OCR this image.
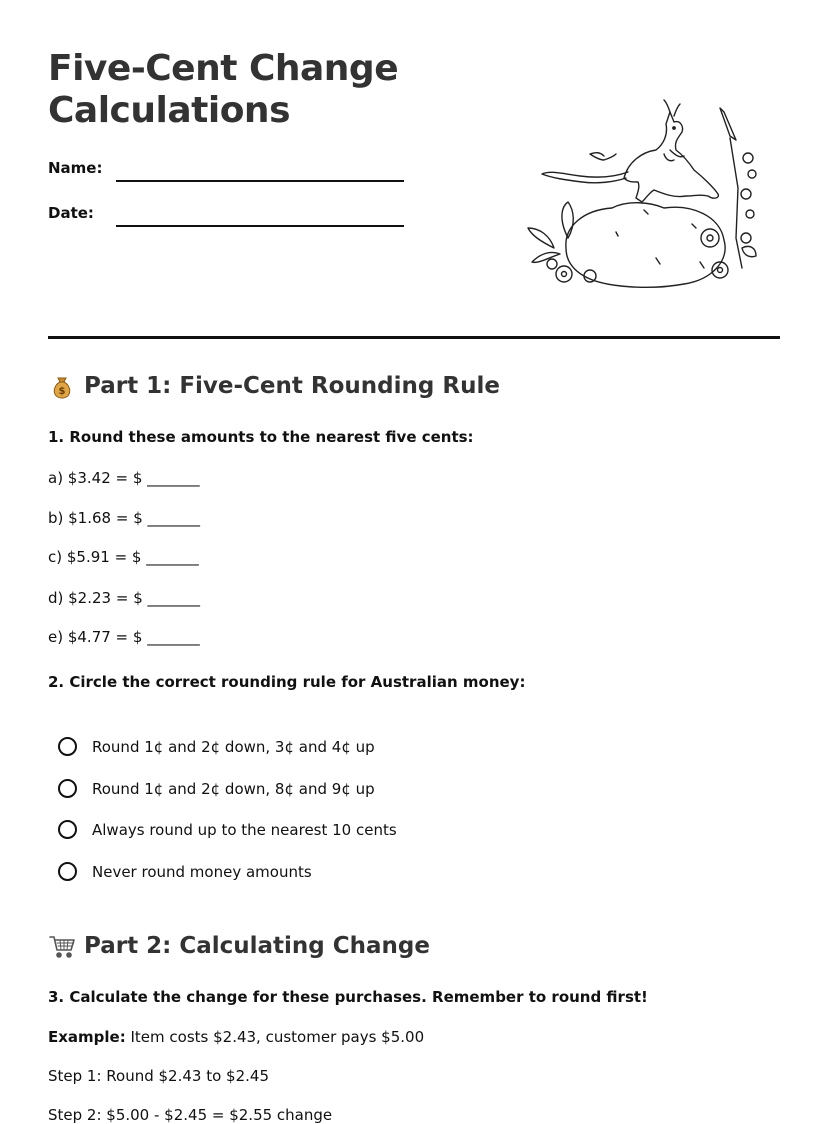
Five-Cent Change Calculations
Name:
Date:
$ Part 1: Five-Cent Rounding Rule
1. Round these amounts to the nearest five cents:
a) $3.42 = $ _______
b) $1.68 = $ _______
c) $5.91 = $ _______
d) $2.23 = $ _______
e) $4.77 = $ _______
2. Circle the correct rounding rule for Australian money:
Round 1¢ and 2¢ down, 3¢ and 4¢ up
Round 1¢ and 2¢ down, 8¢ and 9¢ up
Always round up to the nearest 10 cents
Never round money amounts
Part 2: Calculating Change
3. Calculate the change for these purchases. Remember to round first!
Example: Item costs $2.43, customer pays $5.00
Step 1: Round $2.43 to $2.45
Step 2: $5.00 - $2.45 = $2.55 change
